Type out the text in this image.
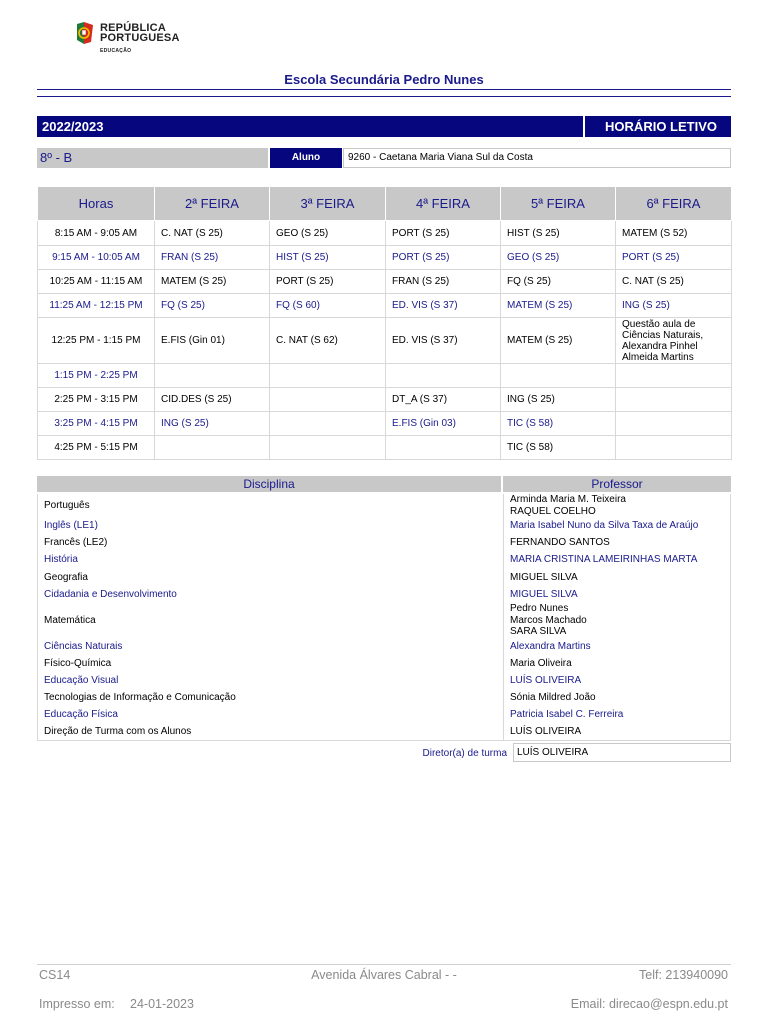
REPÚBLICA
PORTUGUESA
EDUCAÇÃO
Escola Secundária Pedro Nunes
2022/2023	HORÁRIO LETIVO
8º - B	Aluno	9260 - Caetana Maria Viana Sul da Costa
Horas	2ª FEIRA	3ª FEIRA	4ª FEIRA	5ª FEIRA	6ª FEIRA
8:15 AM - 9:05 AM	C. NAT (S 25)	GEO (S 25)	PORT (S 25)	HIST (S 25)	MATEM (S 52)
9:15 AM - 10:05 AM	FRAN (S 25)	HIST (S 25)	PORT (S 25)	GEO (S 25)	PORT (S 25)
10:25 AM - 11:15 AM	MATEM (S 25)	PORT (S 25)	FRAN (S 25)	FQ (S 25)	C. NAT (S 25)
11:25 AM - 12:15 PM	FQ (S 25)	FQ (S 60)	ED. VIS (S 37)	MATEM (S 25)	ING (S 25)
12:25 PM - 1:15 PM	E.FIS (Gin 01)	C. NAT (S 62)	ED. VIS (S 37)	MATEM (S 25)	Questão aula de Ciências Naturais, Alexandra Pinhel Almeida Martins
1:15 PM - 2:25 PM					
2:25 PM - 3:15 PM	CID.DES (S 25)		DT_A (S 37)	ING (S 25)	
3:25 PM - 4:15 PM	ING (S 25)		E.FIS (Gin 03)	TIC (S 58)	
4:25 PM - 5:15 PM				TIC (S 58)	
Disciplina	Professor
Português	Arminda Maria M. Teixeira
RAQUEL COELHO

Inglês (LE1)	Maria Isabel Nuno da Silva Taxa de Araújo
Francês (LE2)	FERNANDO SANTOS
História	MARIA CRISTINA LAMEIRINHAS MARTA
Geografia	MIGUEL SILVA
Cidadania e Desenvolvimento	MIGUEL SILVA
Matemática	Pedro Nunes
Marcos Machado
SARA SILVA

Ciências Naturais	Alexandra Martins
Físico-Química	Maria Oliveira
Educação Visual	LUÍS OLIVEIRA
Tecnologias de Informação e Comunicação	Sónia Mildred João
Educação Física	Patricia Isabel C. Ferreira
Direção de Turma com os Alunos	LUÍS OLIVEIRA
Diretor(a) de turma	LUÍS OLIVEIRA
CS14	Avenida Álvares Cabral - -	Telf: 213940090
Impresso em: 24-01-2023	Email: direcao@espn.edu.pt
